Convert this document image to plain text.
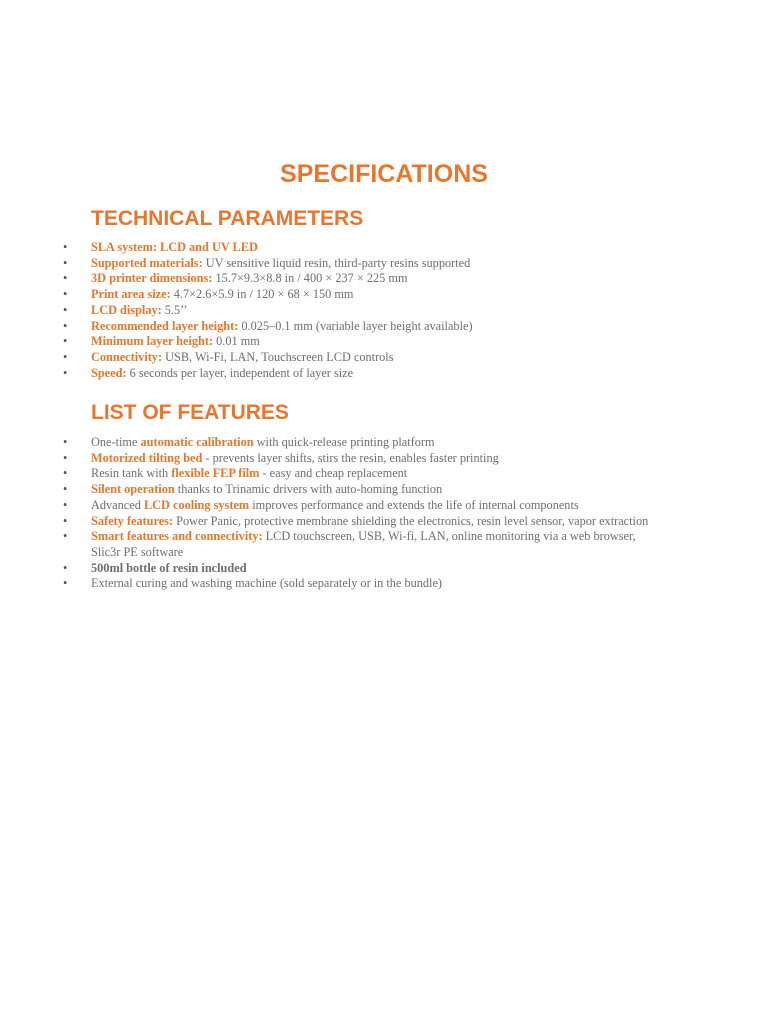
SPECIFICATIONS
TECHNICAL PARAMETERS
• SLA system: LCD and UV LED
• Supported materials: UV sensitive liquid resin, third-party resins supported
• 3D printer dimensions: 15.7×9.3×8.8 in / 400 × 237 × 225 mm
• Print area size: 4.7×2.6×5.9 in / 120 × 68 × 150 mm
• LCD display: 5.5’’
• Recommended layer height: 0.025–0.1 mm (variable layer height available)
• Minimum layer height: 0.01 mm
• Connectivity: USB, Wi-Fi, LAN, Touchscreen LCD controls
• Speed: 6 seconds per layer, independent of layer size
LIST OF FEATURES
• One-time automatic calibration with quick-release printing platform
• Motorized tilting bed - prevents layer shifts, stirs the resin, enables faster printing
• Resin tank with flexible FEP film - easy and cheap replacement
• Silent operation thanks to Trinamic drivers with auto-homing function
• Advanced LCD cooling system improves performance and extends the life of internal components
• Safety features: Power Panic, protective membrane shielding the electronics, resin level sensor, vapor extraction
• Smart features and connectivity: LCD touchscreen, USB, Wi-fi, LAN, online monitoring via a web browser, Slic3r PE software
• 500ml bottle of resin included
• External curing and washing machine (sold separately or in the bundle)
